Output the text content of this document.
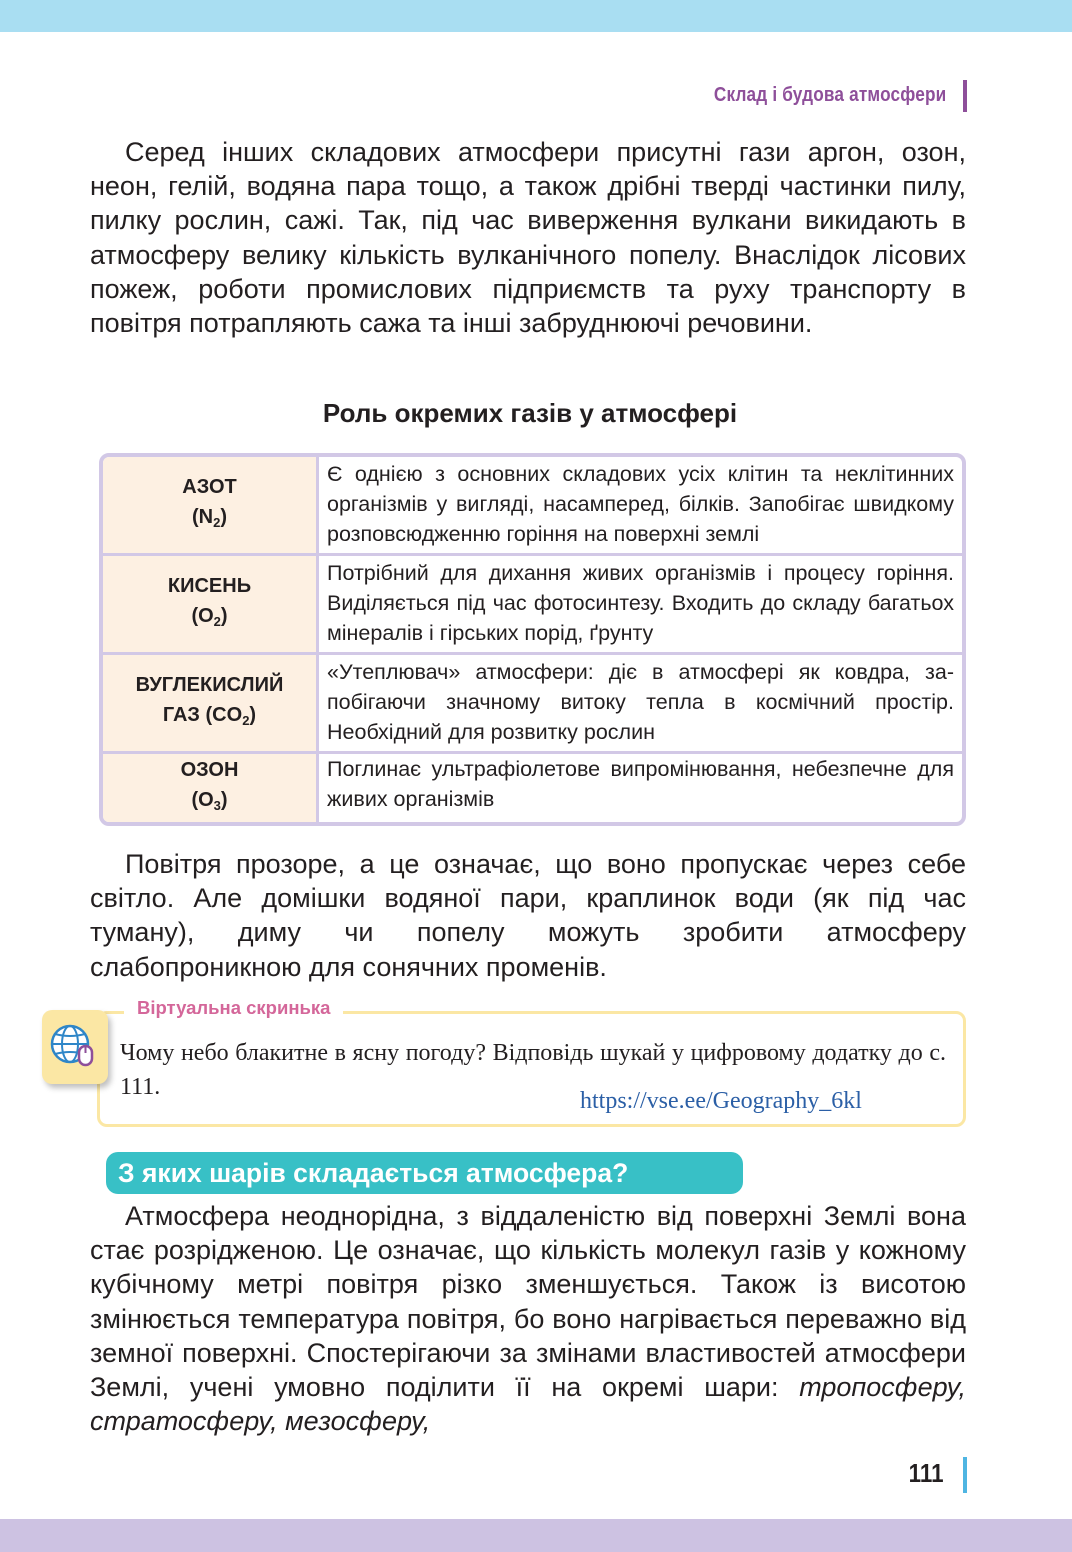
Склад і будова атмосфери

Серед інших складових атмосфери присутні гази аргон, озон, неон, гелій, водяна пара тощо, а також дрібні тверді частинки пилу, пилку рослин, сажі. Так, під час виверження вулкани викидають в атмосферу велику кількість вулканічного попелу. Внаслідок лісових пожеж, роботи промислових підприємств та руху транспорту в повітря потрапляють сажа та інші забруднюючі речовини.

Роль окремих газів у атмосфері
АЗОТ
$(N_2)$
Є однією з основних складових усіх клітин та неклітинних організмів у вигляді, насамперед, білків. Запобігає швидкому розповсюдженню горіння на поверхні землі
КИСЕНЬ
$(O_2)$
Потрібний для дихання живих організмів і процесу горіння. Виділяється під час фотосинтезу. Входить до складу багатьох мінералів і гірських порід, ґрунту
ВУГЛЕКИСЛИЙ
ГАЗ $(CO_2)$
«Утеплювач» атмосфери: діє в атмосфері як ковдра, запобігаючи значному витоку тепла в космічний простір. Необхідний для розвитку рослин
ОЗОН
$(O_3)$
Поглинає ультрафіолетове випромінювання, небезпечне для живих організмів

Повітря прозоре, а це означає, що воно пропускає через себе світло. Але домішки водяної пари, краплинок води (як під час туману), диму чи попелу можуть зробити атмосферу слабопроникною для сонячних променів.

Віртуальна скринька

Чому небо блакитне в ясну погоду? Відповідь шукай у цифровому додатку до с. 111.

https://vse.ee/Geography_6kl
З яких шарів складається атмосфера?

Атмосфера неоднорідна, з віддаленістю від поверхні Землі вона стає розрідженою. Це означає, що кількість молекул газів у кожному кубічному метрі повітря різко зменшується. Також із висотою змінюється температура повітря, бо воно нагрівається переважно від земної поверхні. Спостерігаючи за змінами властивостей атмосфери Землі, учені умовно поділити її на окремі шари: тропосферу, стратосферу, мезосферу,

111
